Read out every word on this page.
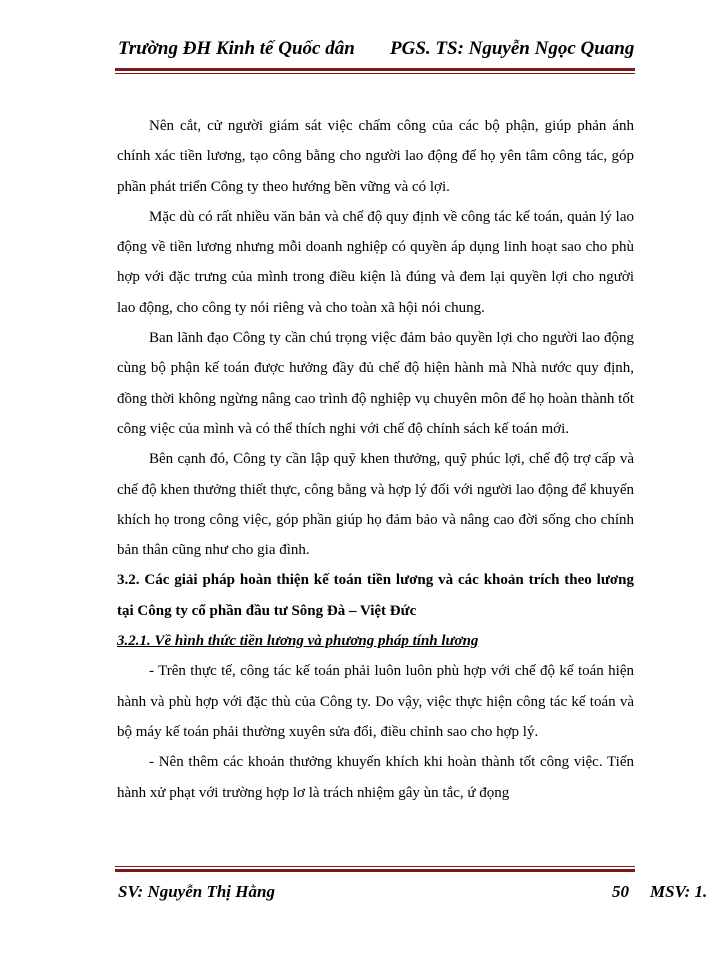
Trường ĐH Kinh tế Quốc dân PGS. TS: Nguyễn Ngọc Quang

Nên cắt, cử người giám sát việc chấm công của các bộ phận, giúp phản ánh chính xác tiền lương, tạo công bằng cho người lao động để họ yên tâm công tác, góp phần phát triển Công ty theo hướng bền vững và có lợi.

Mặc dù có rất nhiều văn bản và chế độ quy định về công tác kế toán, quản lý lao động về tiền lương nhưng mỗi doanh nghiệp có quyền áp dụng linh hoạt sao cho phù hợp với đặc trưng của mình trong điều kiện là đúng và đem lại quyền lợi cho người lao động, cho công ty nói riêng và cho toàn xã hội nói chung.

Ban lãnh đạo Công ty cần chú trọng việc đảm bảo quyền lợi cho người lao động cùng bộ phận kế toán được hưởng đầy đủ chế độ hiện hành mà Nhà nước quy định, đồng thời không ngừng nâng cao trình độ nghiệp vụ chuyên môn để họ hoàn thành tốt công việc của mình và có thể thích nghi với chế độ chính sách kế toán mới.

Bên cạnh đó, Công ty cần lập quỹ khen thưởng, quỹ phúc lợi, chế độ trợ cấp và chế độ khen thưởng thiết thực, công bằng và hợp lý đối với người lao động để khuyến khích họ trong công việc, góp phần giúp họ đảm bảo và nâng cao đời sống cho chính bản thân cũng như cho gia đình.

3.2. Các giải pháp hoàn thiện kế toán tiền lương và các khoản trích theo lương tại Công ty cổ phần đầu tư Sông Đà – Việt Đức

3.2.1. Về hình thức tiền lương và phương pháp tính lương

- Trên thực tế, công tác kế toán phải luôn luôn phù hợp với chế độ kế toán hiện hành và phù hợp với đặc thù của Công ty. Do vậy, việc thực hiện công tác kế toán và bộ máy kế toán phải thường xuyên sửa đổi, điều chỉnh sao cho hợp lý.

- Nên thêm các khoản thưởng khuyến khích khi hoàn thành tốt công việc. Tiến hành xử phạt với trường hợp lơ là trách nhiệm gây ùn tắc, ứ đọng

SV: Nguyễn Thị Hằng	50 MSV: 1.
